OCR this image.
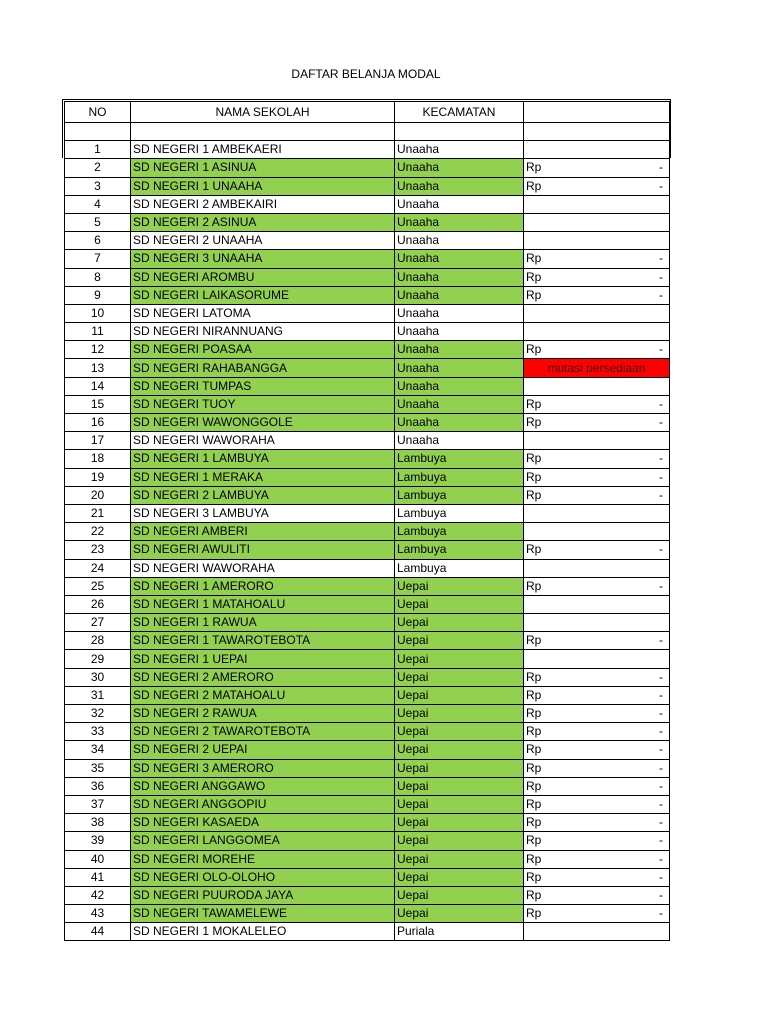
DAFTAR BELANJA MODAL
NO	NAMA SEKOLAH	KECAMATAN	

1	SD NEGERI 1 AMBEKAERI	Unaaha	
2	SD NEGERI 1 ASINUA	Unaaha	Rp -

3	SD NEGERI 1 UNAAHA	Unaaha	Rp -

4	SD NEGERI 2 AMBEKAIRI	Unaaha	
5	SD NEGERI 2 ASINUA	Unaaha	
6	SD NEGERI 2 UNAAHA	Unaaha	
7	SD NEGERI 3 UNAAHA	Unaaha	Rp -

8	SD NEGERI AROMBU	Unaaha	Rp -

9	SD NEGERI LAIKASORUME	Unaaha	Rp -

10	SD NEGERI LATOMA	Unaaha	
11	SD NEGERI NIRANNUANG	Unaaha	
12	SD NEGERI POASAA	Unaaha	Rp -

13	SD NEGERI RAHABANGGA	Unaaha	mutasi persediaan
14	SD NEGERI TUMPAS	Unaaha	
15	SD NEGERI TUOY	Unaaha	Rp -

16	SD NEGERI WAWONGGOLE	Unaaha	Rp -

17	SD NEGERI WAWORAHA	Unaaha	
18	SD NEGERI 1 LAMBUYA	Lambuya	Rp -

19	SD NEGERI 1 MERAKA	Lambuya	Rp -

20	SD NEGERI 2 LAMBUYA	Lambuya	Rp -

21	SD NEGERI 3 LAMBUYA	Lambuya	
22	SD NEGERI AMBERI	Lambuya	
23	SD NEGERI AWULITI	Lambuya	Rp -

24	SD NEGERI WAWORAHA	Lambuya	
25	SD NEGERI 1 AMERORO	Uepai	Rp -

26	SD NEGERI 1 MATAHOALU	Uepai	
27	SD NEGERI 1 RAWUA	Uepai	
28	SD NEGERI 1 TAWAROTEBOTA	Uepai	Rp -

29	SD NEGERI 1 UEPAI	Uepai	
30	SD NEGERI 2 AMERORO	Uepai	Rp -

31	SD NEGERI 2 MATAHOALU	Uepai	Rp -

32	SD NEGERI 2 RAWUA	Uepai	Rp -

33	SD NEGERI 2 TAWAROTEBOTA	Uepai	Rp -

34	SD NEGERI 2 UEPAI	Uepai	Rp -

35	SD NEGERI 3 AMERORO	Uepai	Rp -

36	SD NEGERI ANGGAWO	Uepai	Rp -

37	SD NEGERI ANGGOPIU	Uepai	Rp -

38	SD NEGERI KASAEDA	Uepai	Rp -

39	SD NEGERI LANGGOMEA	Uepai	Rp -

40	SD NEGERI MOREHE	Uepai	Rp -

41	SD NEGERI OLO-OLOHO	Uepai	Rp -

42	SD NEGERI PUURODA JAYA	Uepai	Rp -

43	SD NEGERI TAWAMELEWE	Uepai	Rp -

44	SD NEGERI 1 MOKALELEO	Puriala	
